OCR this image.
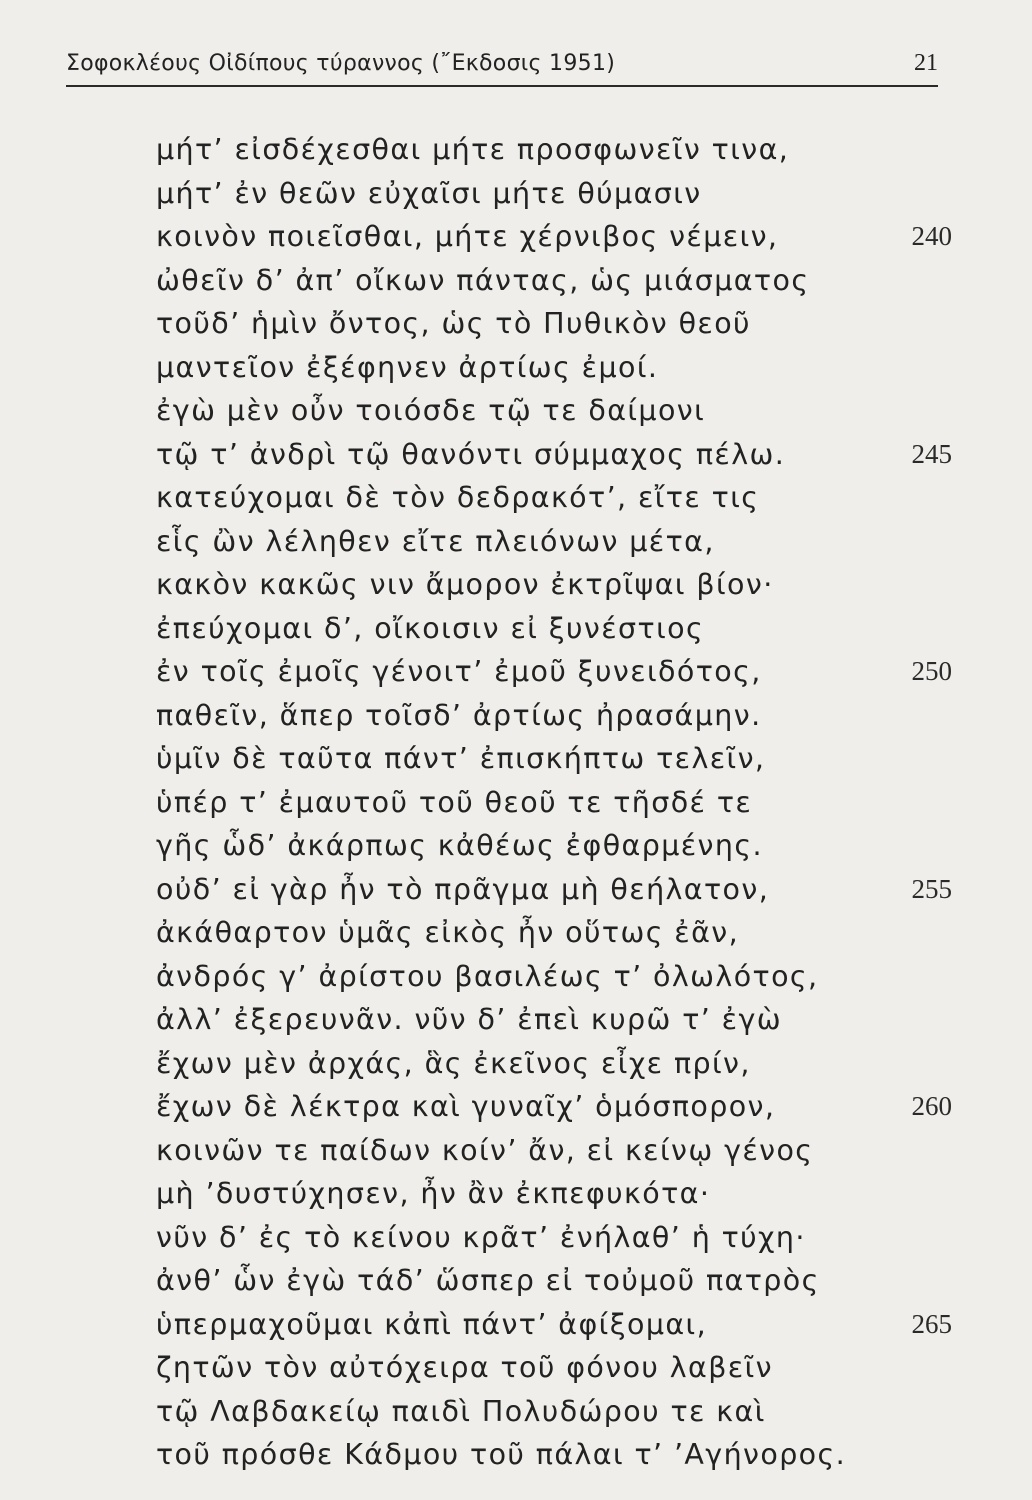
Σοφοκλέους Οἰδίπους τύραννος (῎Εκδοσις 1951)	21
μήτ’ εἰσδέχεσθαι μήτε προσφωνεῖν τινα,
μήτ’ ἐν θεῶν εὐχαῖσι μήτε θύμασιν
κοινὸν ποιεῖσθαι, μήτε χέρνιβος νέμειν,	240
ὠθεῖν δ’ ἀπ’ οἴκων πάντας, ὡς μιάσματος
τοῦδ’ ἡμὶν ὄντος, ὡς τὸ Πυθικὸν θεοῦ
μαντεῖον ἐξέφηνεν ἀρτίως ἐμοί.
ἐγὼ μὲν οὖν τοιόσδε τῷ τε δαίμονι
τῷ τ’ ἀνδρὶ τῷ θανόντι σύμμαχος πέλω.	245
κατεύχομαι δὲ τὸν δεδρακότ’, εἴτε τις
εἷς ὢν λέληθεν εἴτε πλειόνων μέτα,
κακὸν κακῶς νιν ἄμορον ἐκτρῖψαι βίον·
ἐπεύχομαι δ’, οἴκοισιν εἰ ξυνέστιος
ἐν τοῖς ἐμοῖς γένοιτ’ ἐμοῦ ξυνειδότος,	250
παθεῖν, ἅπερ τοῖσδ’ ἀρτίως ἠρασάμην.
ὑμῖν δὲ ταῦτα πάντ’ ἐπισκήπτω τελεῖν,
ὑπέρ τ’ ἐμαυτοῦ τοῦ θεοῦ τε τῆσδέ τε
γῆς ὧδ’ ἀκάρπως κἀθέως ἐφθαρμένης.
οὐδ’ εἰ γὰρ ἦν τὸ πρᾶγμα μὴ θεήλατον,	255
ἀκάθαρτον ὑμᾶς εἰκὸς ἦν οὕτως ἐᾶν,
ἀνδρός γ’ ἀρίστου βασιλέως τ’ ὀλωλότος,
ἀλλ’ ἐξερευνᾶν. νῦν δ’ ἐπεὶ κυρῶ τ’ ἐγὼ
ἔχων μὲν ἀρχάς, ἃς ἐκεῖνος εἶχε πρίν,
ἔχων δὲ λέκτρα καὶ γυναῖχ’ ὁμόσπορον,	260
κοινῶν τε παίδων κοίν’ ἄν, εἰ κείνῳ γένος
μὴ ’δυστύχησεν, ἦν ἂν ἐκπεφυκότα·
νῦν δ’ ἐς τὸ κείνου κρᾶτ’ ἐνήλαθ’ ἡ τύχη·
ἀνθ’ ὧν ἐγὼ τάδ’ ὥσπερ εἰ τοὐμοῦ πατρὸς
ὑπερμαχοῦμαι κἀπὶ πάντ’ ἀφίξομαι,	265
ζητῶν τὸν αὐτόχειρα τοῦ φόνου λαβεῖν
τῷ Λαβδακείῳ παιδὶ Πολυδώρου τε καὶ
τοῦ πρόσθε Κάδμου τοῦ πάλαι τ’ ’Αγήνορος.
